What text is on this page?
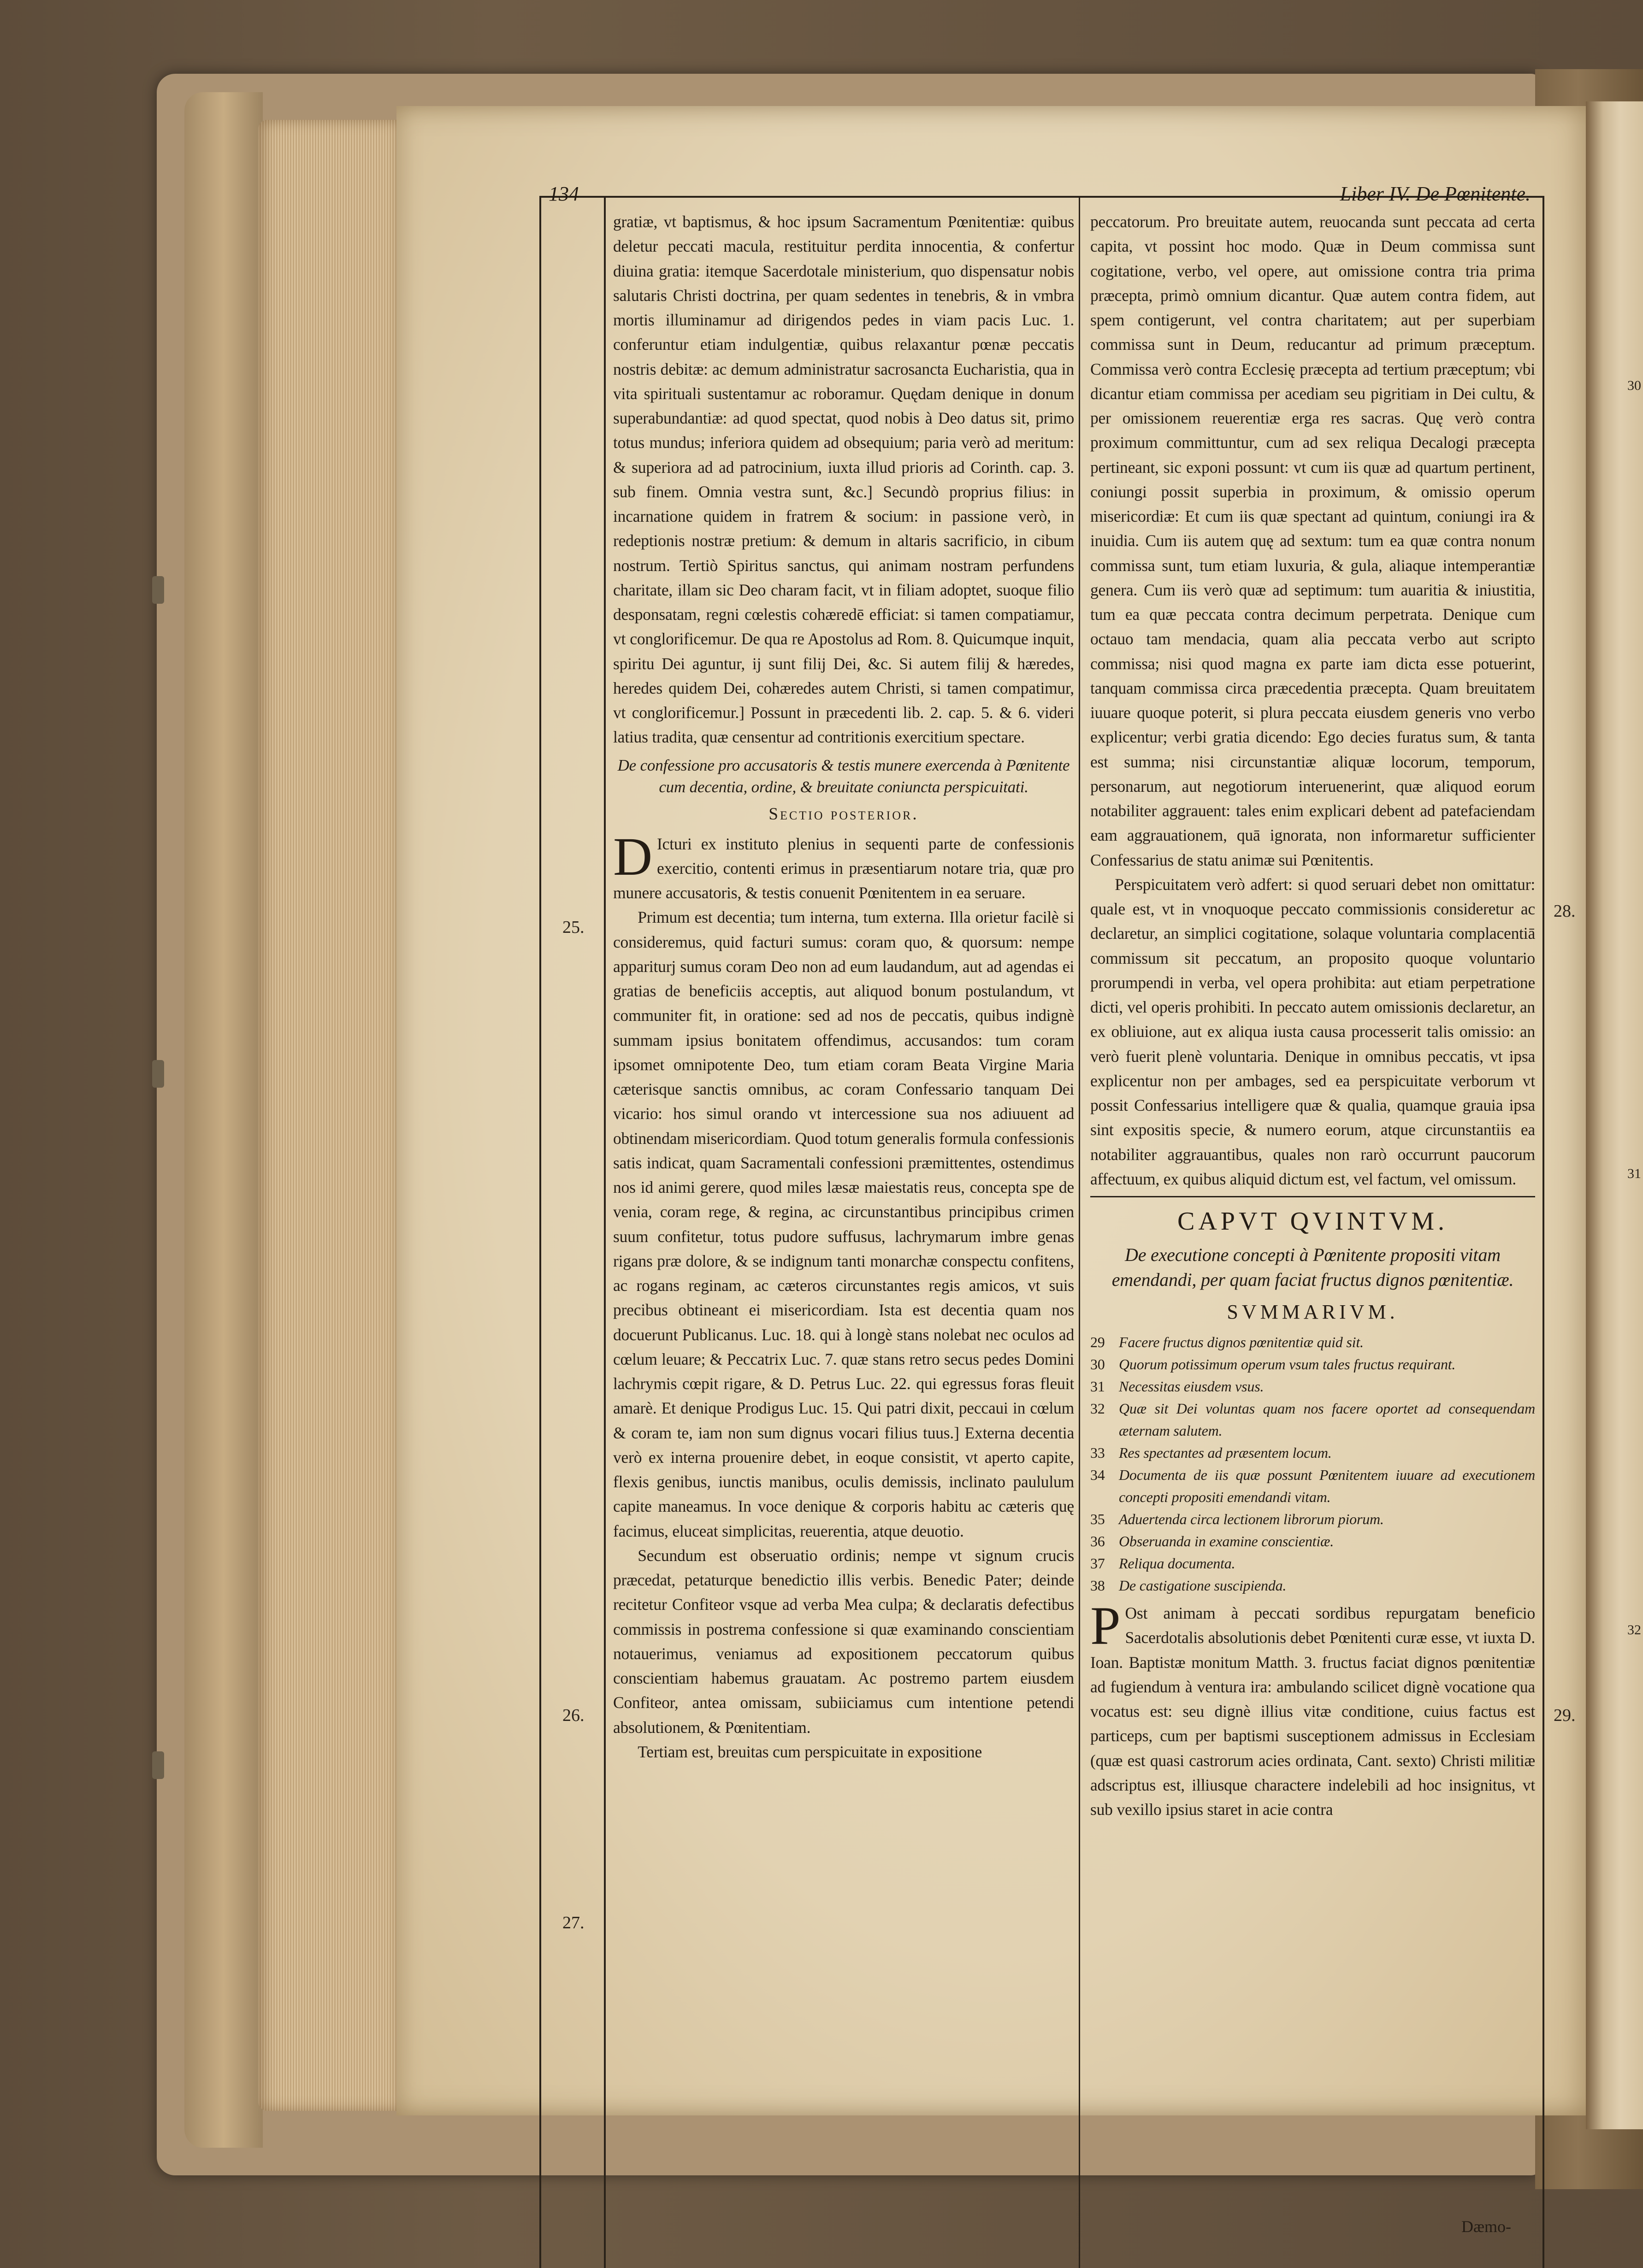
134	Liber IV. De Pœnitente.

gratiæ, vt baptismus, & hoc ipsum Sacramentum Pœnitentiæ: quibus deletur peccati macula, restituitur perdita innocentia, & confertur diuina gratia: itemque Sacerdotale ministerium, quo dispensatur nobis salutaris Christi doctrina, per quam sedentes in tenebris, & in vmbra mortis illuminamur ad dirigendos pedes in viam pacis Luc. 1. conferuntur etiam indulgentiæ, quibus relaxantur pœnæ peccatis nostris debitæ: ac demum administratur sacrosancta Eucharistia, qua in vita spirituali sustentamur ac roboramur. Quędam denique in donum superabundantiæ: ad quod spectat, quod nobis à Deo datus sit, primo totus mundus; inferiora quidem ad obsequium; paria verò ad meritum: & superiora ad ad patrocinium, iuxta illud prioris ad Corinth. cap. 3. sub finem. Omnia vestra sunt, &c.] Secundò proprius filius: in incarnatione quidem in fratrem & socium: in passione verò, in redeptionis nostræ pretium: & demum in altaris sacrificio, in cibum nostrum. Tertiò Spiritus sanctus, qui animam nostram perfundens charitate, illam sic Deo charam facit, vt in filiam adoptet, suoque filio desponsatam, regni cœlestis cohæredē efficiat: si tamen compatiamur, vt conglorificemur. De qua re Apostolus ad Rom. 8. Quicumque inquit, spiritu Dei aguntur, ij sunt filij Dei, &c. Si autem filij & hæredes, heredes quidem Dei, cohæredes autem Christi, si tamen compatimur, vt conglorificemur.] Possunt in præcedenti lib. 2. cap. 5. & 6. videri latius tradita, quæ censentur ad contritionis exercitium spectare.

De confessione pro accusatoris & testis munere exercenda à Pœnitente cum decentia, ordine, & breuitate coniuncta perspicuitati.
Sectio posterior.

D Icturi ex instituto plenius in sequenti parte de confessionis exercitio, contenti erimus in præsentiarum notare tria, quæ pro munere accusatoris, & testis conuenit Pœnitentem in ea seruare.

Primum est decentia; tum interna, tum externa. Illa orietur facilè si consideremus, quid facturi sumus: coram quo, & quorsum: nempe appariturj sumus coram Deo non ad eum laudandum, aut ad agendas ei gratias de beneficiis acceptis, aut aliquod bonum postulandum, vt communiter fit, in oratione: sed ad nos de peccatis, quibus indignè summam ipsius bonitatem offendimus, accusandos: tum coram ipsomet omnipotente Deo, tum etiam coram Beata Virgine Maria cæterisque sanctis omnibus, ac coram Confessario tanquam Dei vicario: hos simul orando vt intercessione sua nos adiuuent ad obtinendam misericordiam. Quod totum generalis formula confessionis satis indicat, quam Sacramentali confessioni præmittentes, ostendimus nos id animi gerere, quod miles læsæ maiestatis reus, concepta spe de venia, coram rege, & regina, ac circunstantibus principibus crimen suum confitetur, totus pudore suffusus, lachrymarum imbre genas rigans præ dolore, & se indignum tanti monarchæ conspectu confitens, ac rogans reginam, ac cæteros circunstantes regis amicos, vt suis precibus obtineant ei misericordiam. Ista est decentia quam nos docuerunt Publicanus. Luc. 18. qui à longè stans nolebat nec oculos ad cœlum leuare; & Peccatrix Luc. 7. quæ stans retro secus pedes Domini lachrymis cœpit rigare, & D. Petrus Luc. 22. qui egressus foras fleuit amarè. Et denique Prodigus Luc. 15. Qui patri dixit, peccaui in cœlum & coram te, iam non sum dignus vocari filius tuus.] Externa decentia verò ex interna prouenire debet, in eoque consistit, vt aperto capite, flexis genibus, iunctis manibus, oculis demissis, inclinato paululum capite maneamus. In voce denique & corporis habitu ac cæteris quę facimus, eluceat simplicitas, reuerentia, atque deuotio.

Secundum est obseruatio ordinis; nempe vt signum crucis præcedat, petaturque benedictio illis verbis. Benedic Pater; deinde recitetur Confiteor vsque ad verba Mea culpa; & declaratis defectibus commissis in postrema confessione si quæ examinando conscientiam notauerimus, veniamus ad expositionem peccatorum quibus conscientiam habemus grauatam. Ac postremo partem eiusdem Confiteor, antea omissam, subiiciamus cum intentione petendi absolutionem, & Pœnitentiam.

Tertiam est, breuitas cum perspicuitate in expositione

peccatorum. Pro breuitate autem, reuocanda sunt peccata ad certa capita, vt possint hoc modo. Quæ in Deum commissa sunt cogitatione, verbo, vel opere, aut omissione contra tria prima præcepta, primò omnium dicantur. Quæ autem contra fidem, aut spem contigerunt, vel contra charitatem; aut per superbiam commissa sunt in Deum, reducantur ad primum præceptum. Commissa verò contra Ecclesię præcepta ad tertium præceptum; vbi dicantur etiam commissa per acediam seu pigritiam in Dei cultu, & per omissionem reuerentiæ erga res sacras. Quę verò contra proximum committuntur, cum ad sex reliqua Decalogi præcepta pertineant, sic exponi possunt: vt cum iis quæ ad quartum pertinent, coniungi possit superbia in proximum, & omissio operum misericordiæ: Et cum iis quæ spectant ad quintum, coniungi ira & inuidia. Cum iis autem quę ad sextum: tum ea quæ contra nonum commissa sunt, tum etiam luxuria, & gula, aliaque intemperantiæ genera. Cum iis verò quæ ad septimum: tum auaritia & iniustitia, tum ea quæ peccata contra decimum perpetrata. Denique cum octauo tam mendacia, quam alia peccata verbo aut scripto commissa; nisi quod magna ex parte iam dicta esse potuerint, tanquam commissa circa præcedentia præcepta. Quam breuitatem iuuare quoque poterit, si plura peccata eiusdem generis vno verbo explicentur; verbi gratia dicendo: Ego decies furatus sum, & tanta est summa; nisi circunstantiæ aliquæ locorum, temporum, personarum, aut negotiorum interuenerint, quæ aliquod eorum notabiliter aggrauent: tales enim explicari debent ad patefaciendam eam aggrauationem, quā ignorata, non informaretur sufficienter Confessarius de statu animæ sui Pœnitentis.

Perspicuitatem verò adfert: si quod seruari debet non omittatur: quale est, vt in vnoquoque peccato commissionis consideretur ac declaretur, an simplici cogitatione, solaque voluntaria complacentiā commissum sit peccatum, an proposito quoque voluntario prorumpendi in verba, vel opera prohibita: aut etiam perpetratione dicti, vel operis prohibiti. In peccato autem omissionis declaretur, an ex obliuione, aut ex aliqua iusta causa processerit talis omissio: an verò fuerit plenè voluntaria. Denique in omnibus peccatis, vt ipsa explicentur non per ambages, sed ea perspicuitate verborum vt possit Confessarius intelligere quæ & qualia, quamque grauia ipsa sint expositis specie, & numero eorum, atque circunstantiis ea notabiliter aggrauantibus, quales non rarò occurrunt paucorum affectuum, ex quibus aliquid dictum est, vel factum, vel omissum.

CAPVT QVINTVM.
De executione concepti à Pœnitente propositi vitam emendandi, per quam faciat fructus dignos pœnitentiæ.
SVMMARIVM.
29 Facere fructus dignos pœnitentiæ quid sit.
30 Quorum potissimum operum vsum tales fructus requirant.
31 Necessitas eiusdem vsus.
32 Quæ sit Dei voluntas quam nos facere oportet ad consequendam æternam salutem.
33 Res spectantes ad præsentem locum.
34 Documenta de iis quæ possunt Pœnitentem iuuare ad executionem concepti propositi emendandi vitam.
35 Aduertenda circa lectionem librorum piorum.
36 Obseruanda in examine conscientiæ.
37 Reliqua documenta.
38 De castigatione suscipienda.

P Ost animam à peccati sordibus repurgatam beneficio Sacerdotalis absolutionis debet Pœnitenti curæ esse, vt iuxta D. Ioan. Baptistæ monitum Matth. 3. fructus faciat dignos pœnitentiæ ad fugiendum à ventura ira: ambulando scilicet dignè vocatione qua vocatus est: seu dignè illius vitæ conditione, cuius factus est particeps, cum per baptismi susceptionem admissus in Ecclesiam (quæ est quasi castrorum acies ordinata, Cant. sexto) Christi militiæ adscriptus est, illiusque charactere indelebili ad hoc insignitus, vt sub vexillo ipsius staret in acie contra

25.
26.
27.
28.
29.
30
31
32
Dæmo-
